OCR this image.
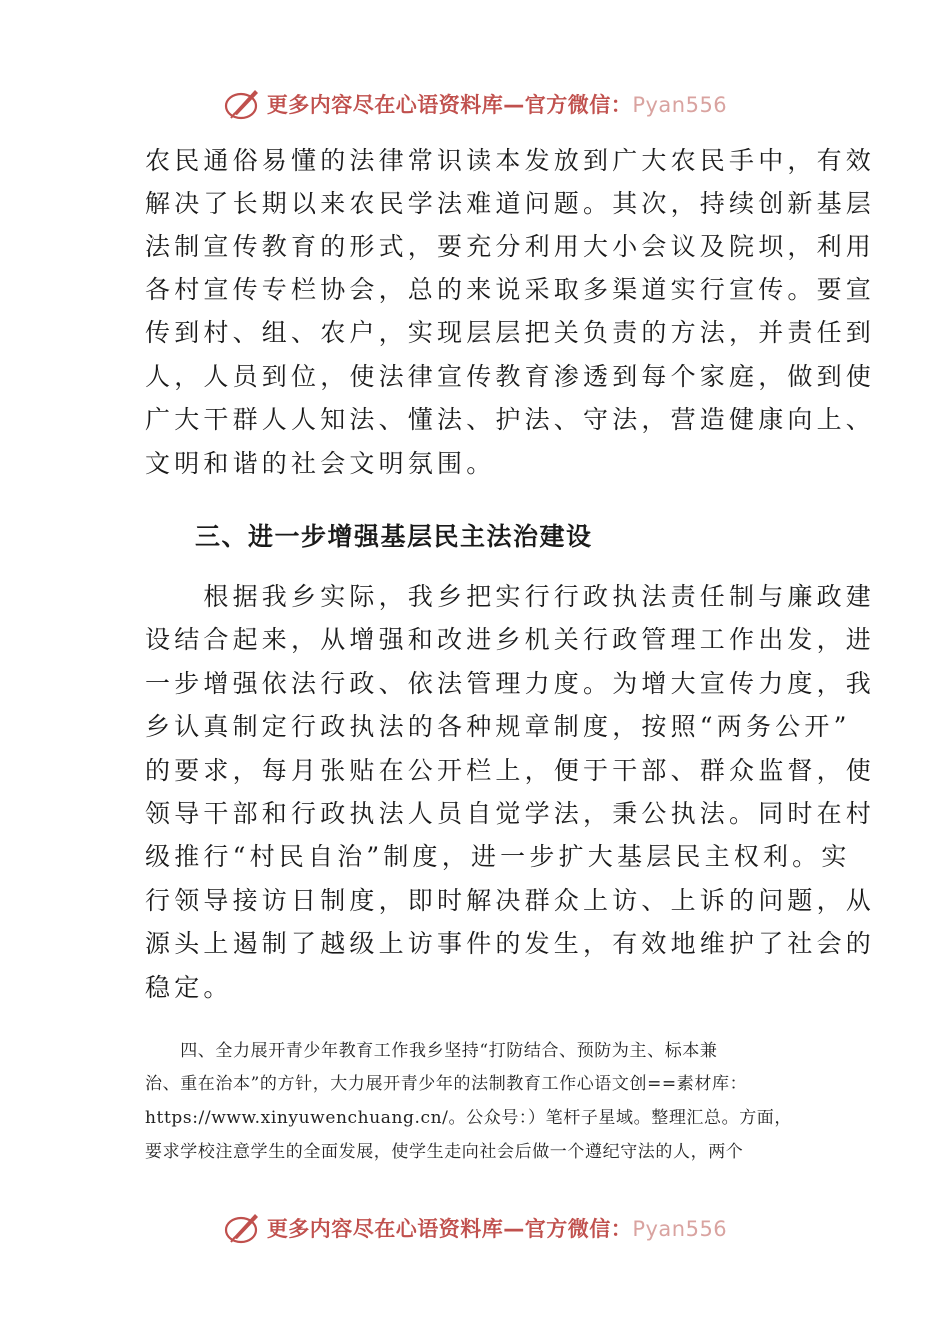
更多内容尽在心语资料库—官方微信：Pyan556
农民通俗易懂的法律常识读本发放到广大农民手中，有效
解决了长期以来农民学法难道问题。其次，持续创新基层
法制宣传教育的形式，要充分利用大小会议及院坝，利用
各村宣传专栏协会，总的来说采取多渠道实行宣传。要宣
传到村、组、农户，实现层层把关负责的方法，并责任到
人，人员到位，使法律宣传教育渗透到每个家庭，做到使
广大干群人人知法、懂法、护法、守法，营造健康向上、
文明和谐的社会文明氛围。
三、进一步增强基层民主法治建设
　　根据我乡实际，我乡把实行行政执法责任制与廉政建
设结合起来，从增强和改进乡机关行政管理工作出发，进
一步增强依法行政、依法管理力度。为增大宣传力度，我
乡认真制定行政执法的各种规章制度，按照“两务公开”
的要求，每月张贴在公开栏上，便于干部、群众监督，使
领导干部和行政执法人员自觉学法，秉公执法。同时在村
级推行“村民自治”制度，进一步扩大基层民主权利。实
行领导接访日制度，即时解决群众上访、上诉的问题，从
源头上遏制了越级上访事件的发生，有效地维护了社会的
稳定。
　　四、全力展开青少年教育工作我乡坚持“打防结合、预防为主、标本兼
治、重在治本”的方针，大力展开青少年的法制教育工作心语文创==素材库：
https://www.xinyuwenchuang.cn/。公众号：）笔杆子星域。整理汇总。方面，
要求学校注意学生的全面发展，使学生走向社会后做一个遵纪守法的人，两个
更多内容尽在心语资料库—官方微信：Pyan556
